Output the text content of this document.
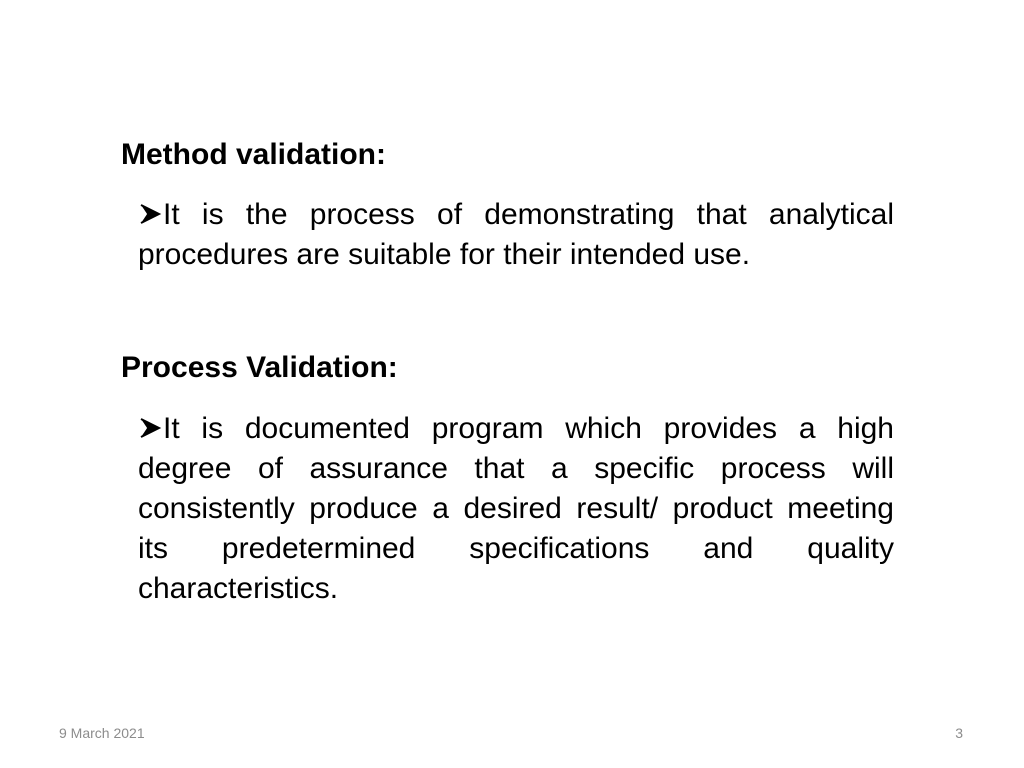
Method validation:

It is the process of demonstrating that analytical procedures are suitable for their intended use.

Process Validation:

It is documented program which provides a high degree of assurance that a specific process will consistently produce a desired result/ product meeting its predetermined specifications and quality characteristics.

9 March 2021	3
